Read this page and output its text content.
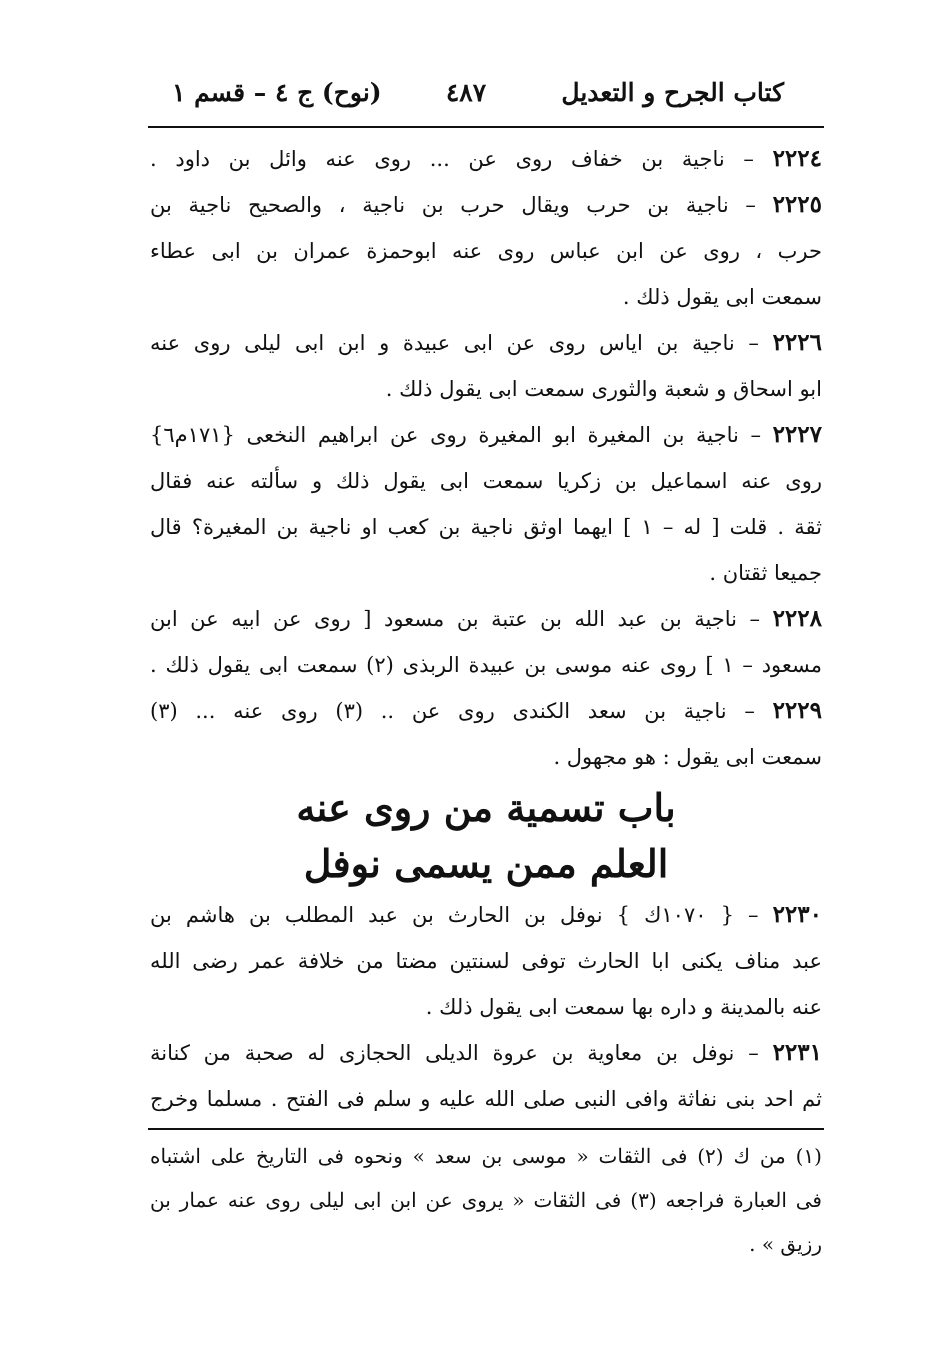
كتاب الجرح و التعديل
٤٨٧
(نوح) ج ٤ – قسم ١
٢٢٢٤ – ناجية بن خفاف روى عن ... روى عنه وائل بن داود .
٢٢٢٥ – ناجية بن حرب ويقال حرب بن ناجية ، والصحيح ناجية بن
حرب ، روى عن ابن عباس روى عنه ابوحمزة عمران بن ابى عطاء
سمعت ابى يقول ذلك .
٢٢٢٦ – ناجية بن اياس روى عن ابى عبيدة و ابن ابى ليلى روى عنه
ابو اسحاق و شعبة والثورى سمعت ابى يقول ذلك .
٢٢٢٧ – ناجية بن المغيرة ابو المغيرة روى عن ابراهيم النخعى {١٧١م٦}
روى عنه اسماعيل بن زكريا سمعت ابى يقول ذلك و سألته عنه فقال
ثقة . قلت [ له – ١ ] ايهما اوثق ناجية بن كعب او ناجية بن المغيرة؟ قال
جميعا ثقتان .
٢٢٢٨ – ناجية بن عبد الله بن عتبة بن مسعود [ روى عن ابيه عن ابن
مسعود – ١ ] روى عنه موسى بن عبيدة الربذى (٢) سمعت ابى يقول ذلك .
٢٢٢٩ – ناجية بن سعد الكندى روى عن .. (٣) روى عنه ... (٣)
سمعت ابى يقول : هو مجهول .
باب تسمية من روى عنه
العلم ممن يسمى نوفل
٢٢٣٠ – { ١٠٧٠ك } نوفل بن الحارث بن عبد المطلب بن هاشم بن
عبد مناف يكنى ابا الحارث توفى لسنتين مضتا من خلافة عمر رضى الله
عنه بالمدينة و داره بها سمعت ابى يقول ذلك .
٢٢٣١ – نوفل بن معاوية بن عروة الديلى الحجازى له صحبة من كنانة
ثم احد بنى نفاثة وافى النبى صلى الله عليه و سلم فى الفتح . مسلما وخرج
(١) من ك (٢) فى الثقات « موسى بن سعد » ونحوه فى التاريخ على اشتباه
فى العبارة فراجعه (٣) فى الثقات « يروى عن ابن ابى ليلى روى عنه عمار بن
رزيق » .
